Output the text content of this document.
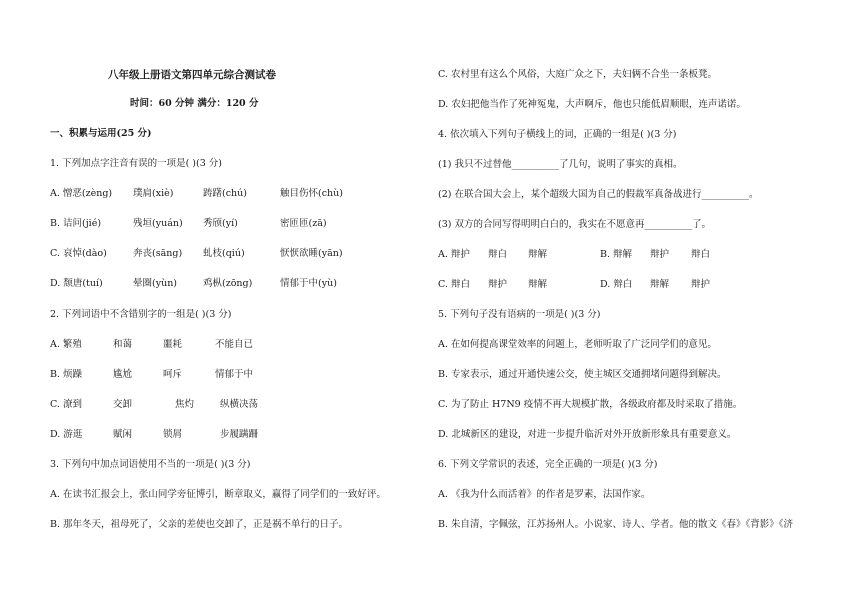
八年级上册语文第四单元综合测试卷
时间：60 分钟 满分：120 分
一、积累与运用(25 分)
1. 下列加点字注音有误的一项是( )(3 分)
A. 憎恶(zèng) 璞扃(xiè)	踌躇(chú)	触目伤怀(chù)
B. 诘问(jié)	残垣(yuán) 秀颀(yí)	密匝匝(zā)
C. 哀悼(dào)	奔丧(sāng) 虬枝(qiú)	恹恹欲睡(yān)
D. 颓唐(tuí)	晕圈(yùn)	鸡枞(zōng)	情郁于中(yù)
2. 下列词语中不含错别字的一组是( )(3 分)
A. 繁殖	和蔼	噩耗	不能自已
B. 烦躁	尴尬	呵斥	情郁于中
C. 潦到	交卸	焦灼	纵横决荡
D. 游逛	赋闲	锁屑	步履蹒跚
3. 下列句中加点词语使用不当的一项是( )(3 分)
A. 在读书汇报会上，张山同学旁征博引，断章取义，赢得了同学们的一致好评。
B. 那年冬天，祖母死了，父亲的差使也交卸了，正是祸不单行的日子。
C. 农村里有这么个风俗，大庭广众之下，夫妇俩不合坐一条板凳。
D. 农妇把他当作了死神冤鬼，大声啊斥，他也只能低眉顺眼，连声诺诺。
4. 依次填入下列句子横线上的词，正确的一组是( )(3 分)
(1) 我只不过替他__________了几句，说明了事实的真相。
(2) 在联合国大会上，某个超级大国为自己的假裁军真备战进行__________。
(3) 双方的合同写得明明白白的，我实在不愿意再__________了。
A. 辩护 辩白 辩解	B. 辩解 辩护 辩白
C. 辩白 辩护 辩解	D. 辩白 辩解 辩护
5. 下列句子没有语病的一项是( )(3 分)
A. 在如何提高课堂效率的问题上，老师听取了广泛同学们的意见。
B. 专家表示，通过开通快速公交，使主城区交通拥堵问题得到解决。
C. 为了防止 H7N9 疫情不再大规模扩散，各级政府都及时采取了措施。
D. 北城新区的建设，对进一步提升临沂对外开放新形象具有重要意义。
6. 下列文学常识的表述，完全正确的一项是( )(3 分)
A. 《我为什么而活着》的作者是罗素，法国作家。
B. 朱自清，字佩弦，江苏扬州人。小说家、诗人、学者。他的散文《春》《背影》《济
